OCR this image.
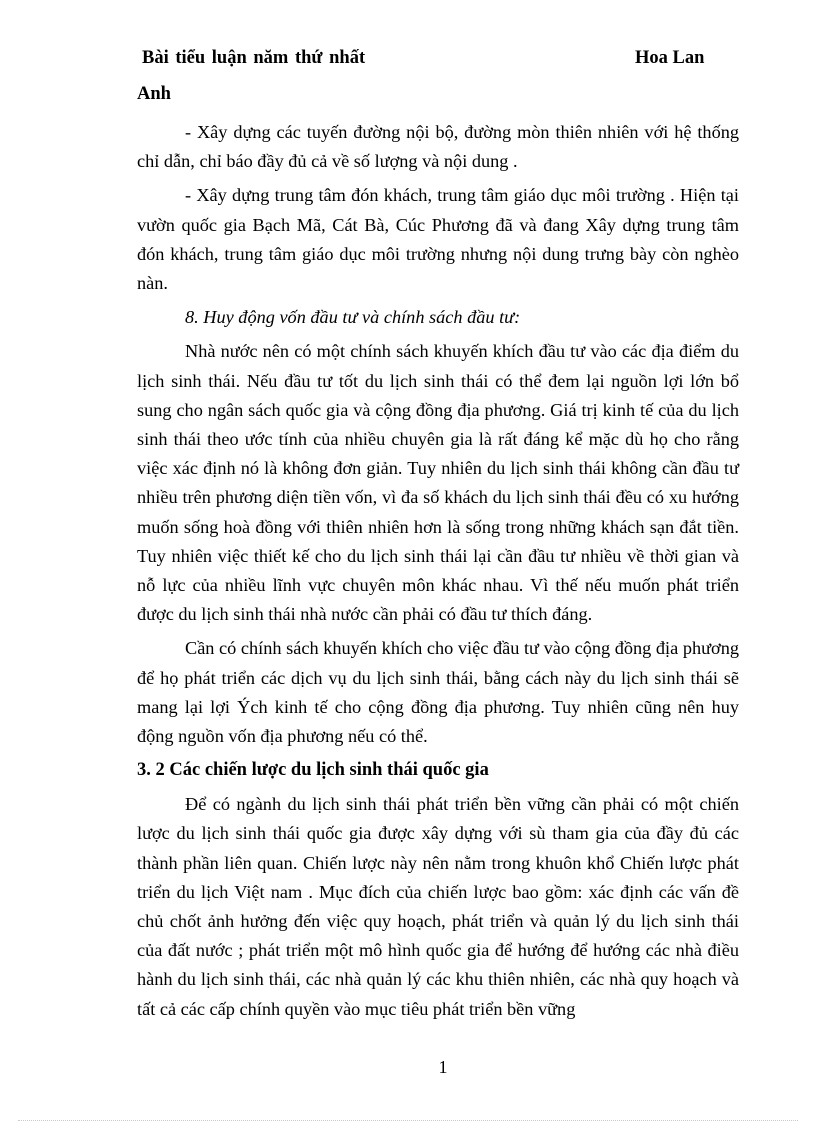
Bài tiểu luận năm thứ nhất	Hoa Lan
Anh

- Xây dựng các tuyến đường nội bộ, đường mòn thiên nhiên với hệ thống chỉ dẫn, chỉ báo đầy đủ cả về số lượng và nội dung .

- Xây dựng trung tâm đón khách, trung tâm giáo dục môi trường . Hiện tại vườn quốc gia Bạch Mã, Cát Bà, Cúc Phương đã và đang Xây dựng trung tâm đón khách, trung tâm giáo dục môi trường nhưng nội dung trưng bày còn nghèo nàn.

8. Huy động vốn đầu tư và chính sách đầu tư:

Nhà nước nên có một chính sách khuyến khích đầu tư vào các địa điểm du lịch sinh thái. Nếu đầu tư tốt du lịch sinh thái có thể đem lại nguồn lợi lớn bổ sung cho ngân sách quốc gia và cộng đồng địa phương. Giá trị kinh tế của du lịch sinh thái theo ước tính của nhiều chuyên gia là rất đáng kể mặc dù họ cho rằng việc xác định nó là không đơn giản. Tuy nhiên du lịch sinh thái không cần đầu tư nhiều trên phương diện tiền vốn, vì đa số khách du lịch sinh thái đều có xu hướng muốn sống hoà đồng với thiên nhiên hơn là sống trong những khách sạn đắt tiền. Tuy nhiên việc thiết kế cho du lịch sinh thái lại cần đầu tư nhiều về thời gian và nỗ lực của nhiều lĩnh vực chuyên môn khác nhau. Vì thế nếu muốn phát triển được du lịch sinh thái nhà nước cần phải có đầu tư thích đáng.

Cần có chính sách khuyến khích cho việc đầu tư vào cộng đồng địa phương để họ phát triển các dịch vụ du lịch sinh thái, bằng cách này du lịch sinh thái sẽ mang lại lợi Ých kinh tế cho cộng đồng địa phương. Tuy nhiên cũng nên huy động nguồn vốn địa phương nếu có thể.

3. 2 Các chiến lược du lịch sinh thái quốc gia

Để có ngành du lịch sinh thái phát triển bền vững cần phải có một chiến lược du lịch sinh thái quốc gia được xây dựng với sù tham gia của đầy đủ các thành phần liên quan. Chiến lược này nên nằm trong khuôn khổ Chiến lược phát triển du lịch Việt nam . Mục đích của chiến lược bao gồm: xác định các vấn đề chủ chốt ảnh hưởng đến việc quy hoạch, phát triển và quản lý du lịch sinh thái của đất nước ; phát triển một mô hình quốc gia để hướng để hướng các nhà điều hành du lịch sinh thái, các nhà quản lý các khu thiên nhiên, các nhà quy hoạch và tất cả các cấp chính quyền vào mục tiêu phát triển bền vững

1
